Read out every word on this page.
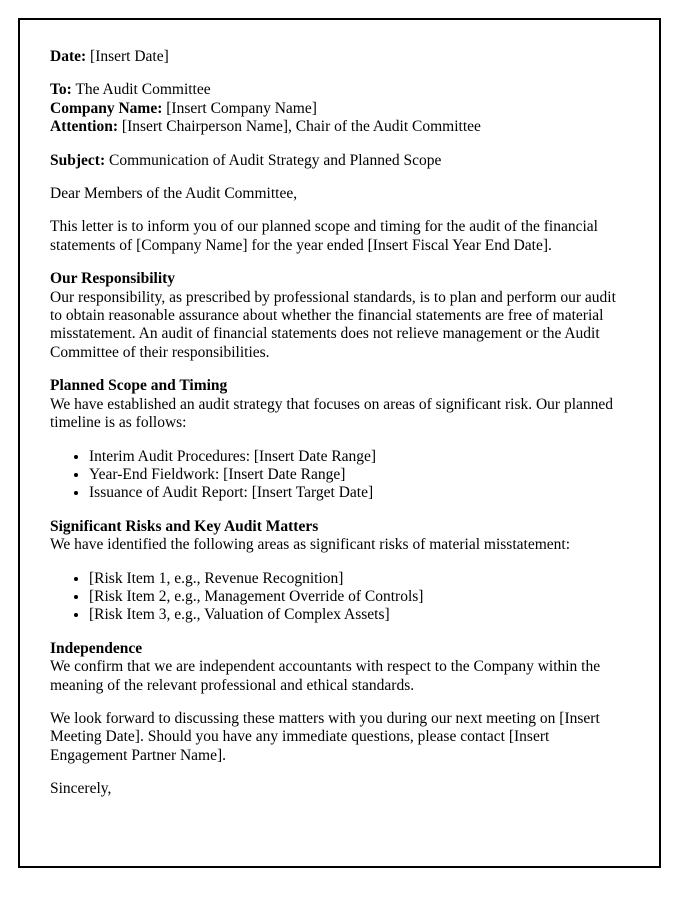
Date: [Insert Date]

To: The Audit Committee
Company Name: [Insert Company Name]
Attention: [Insert Chairperson Name], Chair of the Audit Committee

Subject: Communication of Audit Strategy and Planned Scope

Dear Members of the Audit Committee,

This letter is to inform you of our planned scope and timing for the audit of the financial statements of [Company Name] for the year ended [Insert Fiscal Year End Date].

Our Responsibility

Our responsibility, as prescribed by professional standards, is to plan and perform our audit to obtain reasonable assurance about whether the financial statements are free of material misstatement. An audit of financial statements does not relieve management or the Audit Committee of their responsibilities.

Planned Scope and Timing

We have established an audit strategy that focuses on areas of significant risk. Our planned timeline is as follows:

• Interim Audit Procedures: [Insert Date Range]
• Year-End Fieldwork: [Insert Date Range]
• Issuance of Audit Report: [Insert Target Date]

Significant Risks and Key Audit Matters

We have identified the following areas as significant risks of material misstatement:

• [Risk Item 1, e.g., Revenue Recognition]
• [Risk Item 2, e.g., Management Override of Controls]
• [Risk Item 3, e.g., Valuation of Complex Assets]

Independence

We confirm that we are independent accountants with respect to the Company within the meaning of the relevant professional and ethical standards.

We look forward to discussing these matters with you during our next meeting on [Insert Meeting Date]. Should you have any immediate questions, please contact [Insert Engagement Partner Name].

Sincerely,
